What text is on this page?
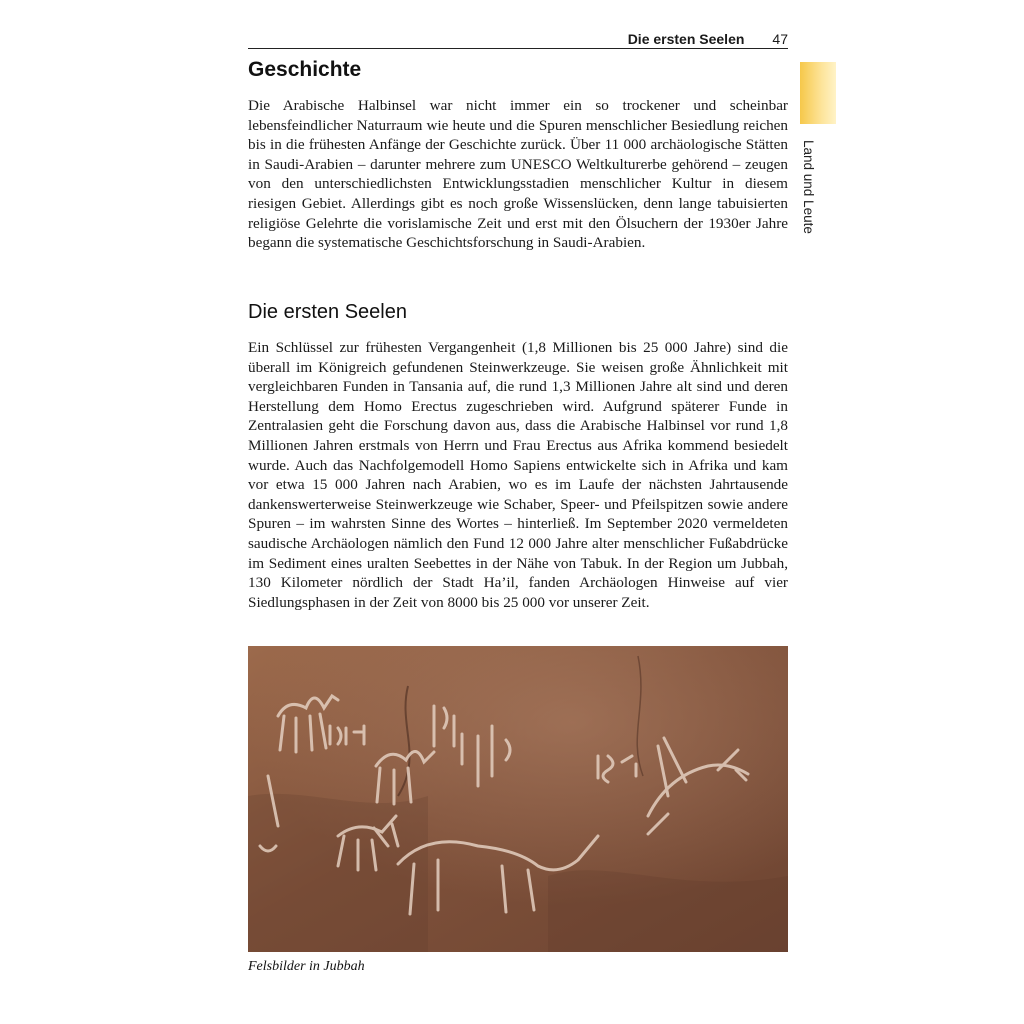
Die ersten Seelen 47
Land und Leute
Geschichte

Die Arabische Halbinsel war nicht immer ein so trockener und scheinbar lebensfeindlicher Naturraum wie heute und die Spuren menschlicher Besiedlung reichen bis in die frühesten Anfänge der Geschichte zurück. Über 11 000 archäologische Stätten in Saudi-Arabien – darunter mehrere zum UNESCO Weltkulturerbe gehörend – zeugen von den unterschiedlichsten Entwicklungsstadien menschlicher Kultur in diesem riesigen Gebiet. Allerdings gibt es noch große Wissenslücken, denn lange tabuisierten religiöse Gelehrte die vorislamische Zeit und erst mit den Ölsuchern der 1930er Jahre begann die systematische Geschichtsforschung in Saudi-Arabien.

Die ersten Seelen

Ein Schlüssel zur frühesten Vergangenheit (1,8 Millionen bis 25 000 Jahre) sind die überall im Königreich gefundenen Steinwerkzeuge. Sie weisen große Ähnlichkeit mit vergleichbaren Funden in Tansania auf, die rund 1,3 Millionen Jahre alt sind und deren Herstellung dem Homo Erectus zugeschrieben wird. Aufgrund späterer Funde in Zentralasien geht die Forschung davon aus, dass die Arabische Halbinsel vor rund 1,8 Millionen Jahren erstmals von Herrn und Frau Erectus aus Afrika kommend besiedelt wurde. Auch das Nachfolgemodell Homo Sapiens entwickelte sich in Afrika und kam vor etwa 15 000 Jahren nach Arabien, wo es im Laufe der nächsten Jahrtausende dankenswerterweise Steinwerkzeuge wie Schaber, Speer- und Pfeilspitzen sowie andere Spuren – im wahrsten Sinne des Wortes – hinterließ. Im September 2020 vermeldeten saudische Archäologen nämlich den Fund 12 000 Jahre alter menschlicher Fußabdrücke im Sediment eines uralten Seebettes in der Nähe von Tabuk. In der Region um Jubbah, 130 Kilometer nördlich der Stadt Ha’il, fanden Archäologen Hinweise auf vier Siedlungsphasen in der Zeit von 8000 bis 25 000 vor unserer Zeit.

Felsbilder in Jubbah
